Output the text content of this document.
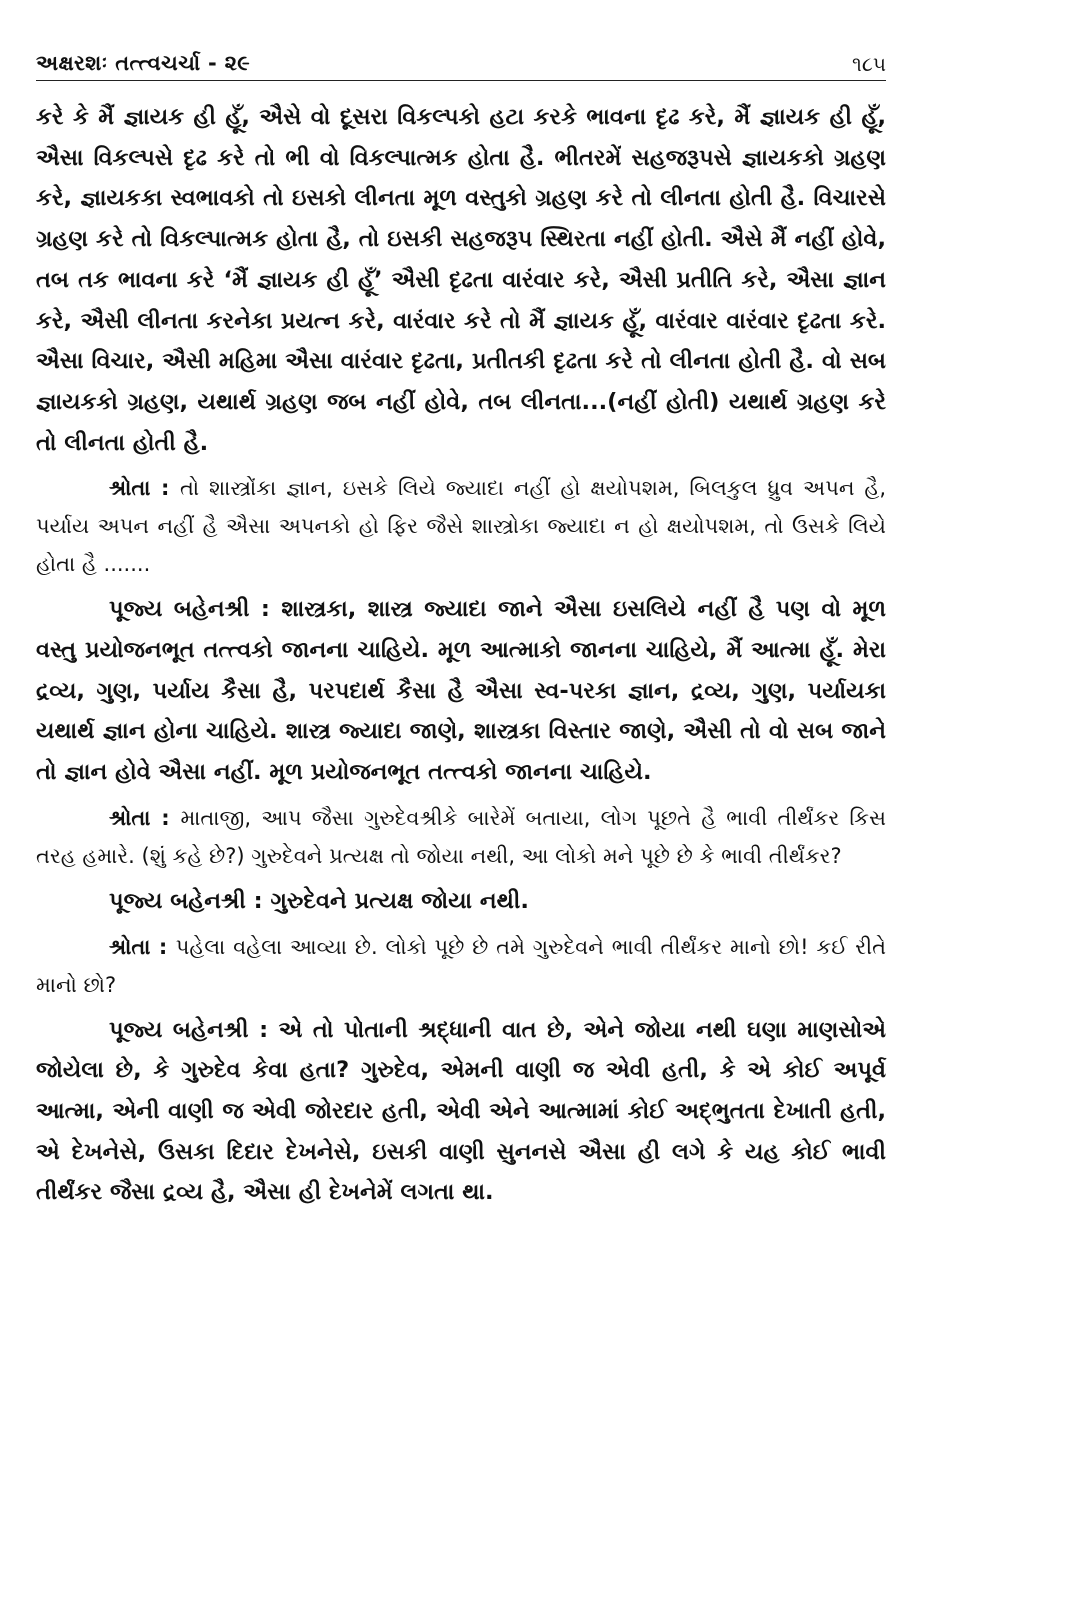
અક્ષરશઃ તત્ત્વચર્ચા - ૨૯	૧૮૫

કરે કે મૈં જ્ઞાયક હી હૂઁ, ઐસે વો દૂસરા વિકલ્પકો હટા કરકે ભાવના દૃઢ કરે, મૈં જ્ઞાયક હી હૂઁ, ઐસા વિકલ્પસે દૃઢ કરે તો ભી વો વિકલ્પાત્મક હોતા હૈ. ભીતરમેં સહજરૂપસે જ્ઞાયકકો ગ્રહણ કરે, જ્ઞાયકકા સ્વભાવકો તો ઇસકો લીનતા મૂળ વસ્તુકો ગ્રહણ કરે તો લીનતા હોતી હૈ. વિચારસે ગ્રહણ કરે તો વિકલ્પાત્મક હોતા હૈ, તો ઇસકી સહજરૂપ સ્થિરતા નહીં હોતી. ઐસે મૈં નહીં હોવે, તબ તક ભાવના કરે ‘મૈં જ્ઞાયક હી હૂઁ’ ઐસી દૃઢતા વારંવાર કરે, ઐસી પ્રતીતિ કરે, ઐસા જ્ઞાન કરે, ઐસી લીનતા કરનેકા પ્રયત્ન કરે, વારંવાર કરે તો મૈં જ્ઞાયક હૂઁ, વારંવાર વારંવાર દૃઢતા કરે. ઐસા વિચાર, ઐસી મહિમા ઐસા વારંવાર દૃઢતા, પ્રતીતકી દૃઢતા કરે તો લીનતા હોતી હૈ. વો સબ જ્ઞાયકકો ગ્રહણ, યથાર્થ ગ્રહણ જબ નહીં હોવે, તબ લીનતા...(નહીં હોતી) યથાર્થ ગ્રહણ કરે તો લીનતા હોતી હૈ.

શ્રોતા : તો શાસ્ત્રોંકા જ્ઞાન, ઇસકે લિયે જ્યાદા નહીં હો ક્ષયોપશમ, બિલકુલ ધ્રુવ અપન હૈ, પર્યાય અપન નહીં હૈ ઐસા અપનકો હો ફિર જૈસે શાસ્ત્રોકા જ્યાદા ન હો ક્ષયોપશમ, તો ઉસકે લિયે હોતા હૈ .......

પૂજ્ય બહેનશ્રી : શાસ્ત્રકા, શાસ્ત્ર જ્યાદા જાને ઐસા ઇસલિયે નહીં હૈ પણ વો મૂળ વસ્તુ પ્રયોજનભૂત તત્ત્વકો જાનના ચાહિયે. મૂળ આત્માકો જાનના ચાહિયે, મૈં આત્મા હૂઁ. મેરા દ્રવ્ય, ગુણ, પર્યાય કૈસા હૈ, પરપદાર્થ કૈસા હૈ ઐસા સ્વ-પરકા જ્ઞાન, દ્રવ્ય, ગુણ, પર્યાયકા યથાર્થ જ્ઞાન હોના ચાહિયે. શાસ્ત્ર જ્યાદા જાણે, શાસ્ત્રકા વિસ્તાર જાણે, ઐસી તો વો સબ જાને તો જ્ઞાન હોવે ઐસા નહીં. મૂળ પ્રયોજનભૂત તત્ત્વકો જાનના ચાહિયે.

શ્રોતા : માતાજી, આપ જૈસા ગુરુદેવશ્રીકે બારેમેં બતાયા, લોગ પૂછતે હૈ ભાવી તીર્થંકર કિસ તરહ હમારે. (શું કહે છે?) ગુરુદેવને પ્રત્યક્ષ તો જોયા નથી, આ લોકો મને પૂછે છે કે ભાવી તીર્થંકર?

પૂજ્ય બહેનશ્રી : ગુરુદેવને પ્રત્યક્ષ જોયા નથી.

શ્રોતા : પહેલા વહેલા આવ્યા છે. લોકો પૂછે છે તમે ગુરુદેવને ભાવી તીર્થંકર માનો છો! કઈ રીતે માનો છો?

પૂજ્ય બહેનશ્રી : એ તો પોતાની શ્રદ્ધાની વાત છે, એને જોયા નથી ઘણા માણસોએ જોયેલા છે, કે ગુરુદેવ કેવા હતા? ગુરુદેવ, એમની વાણી જ એવી હતી, કે એ કોઈ અપૂર્વ આત્મા, એની વાણી જ એવી જોરદાર હતી, એવી એને આત્મામાં કોઈ અદ્ભુતતા દેખાતી હતી, એ દેખનેસે, ઉસકા દિદાર દેખનેસે, ઇસકી વાણી સુનનસે ઐસા હી લગે કે યહ કોઈ ભાવી તીર્થંકર જૈસા દ્રવ્ય હૈ, ઐસા હી દેખનેમેં લગતા થા.
